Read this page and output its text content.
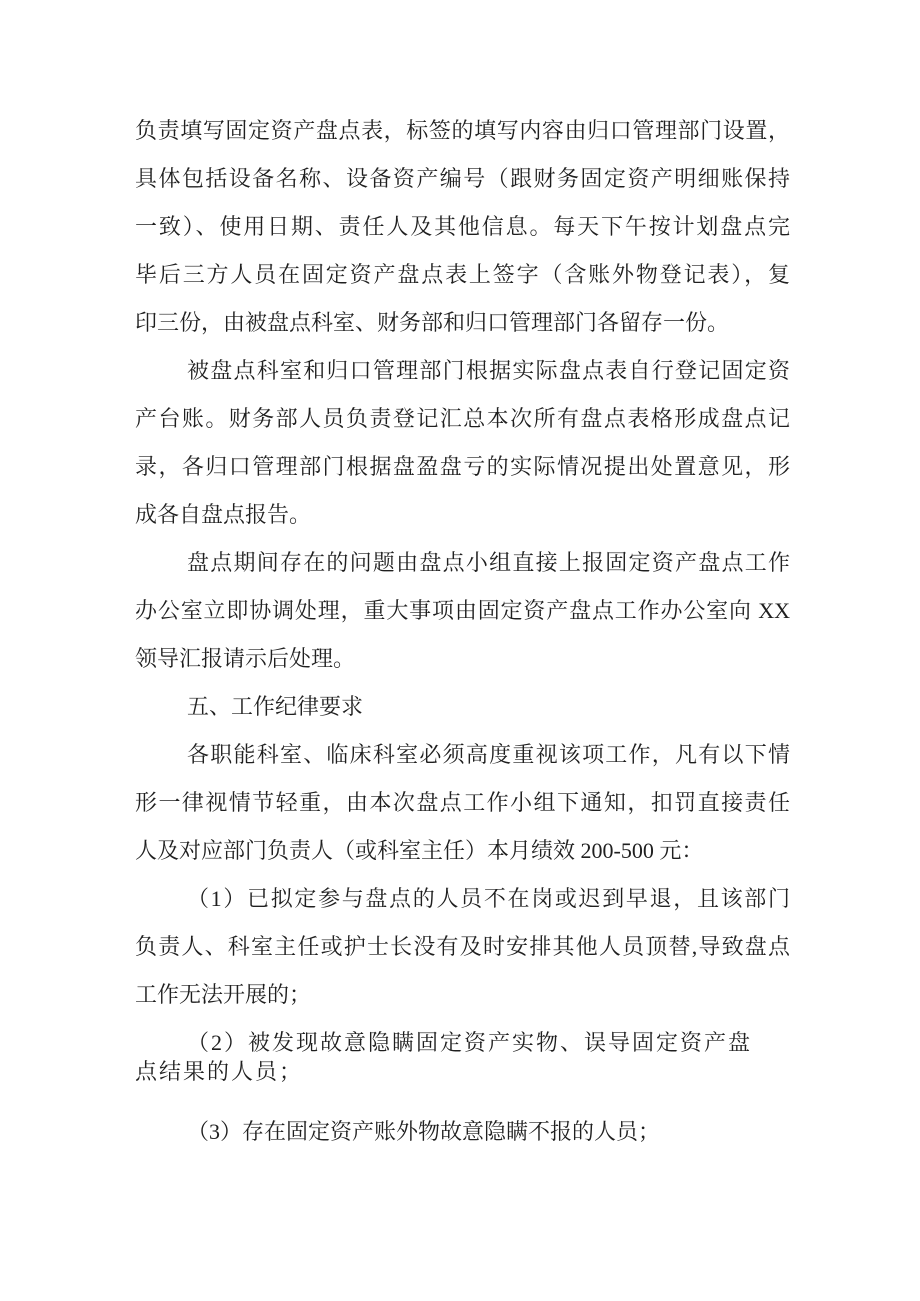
负责填写固定资产盘点表，标签的填写内容由归口管理部门设置，
具体包括设备名称、设备资产编号（跟财务固定资产明细账保持
一致）、使用日期、责任人及其他信息。每天下午按计划盘点完
毕后三方人员在固定资产盘点表上签字（含账外物登记表），复
印三份，由被盘点科室、财务部和归口管理部门各留存一份。
被盘点科室和归口管理部门根据实际盘点表自行登记固定资
产台账。财务部人员负责登记汇总本次所有盘点表格形成盘点记
录，各归口管理部门根据盘盈盘亏的实际情况提出处置意见，形
成各自盘点报告。
盘点期间存在的问题由盘点小组直接上报固定资产盘点工作
办公室立即协调处理，重大事项由固定资产盘点工作办公室向 XX
领导汇报请示后处理。
五、工作纪律要求
各职能科室、临床科室必须高度重视该项工作，凡有以下情
形一律视情节轻重，由本次盘点工作小组下通知，扣罚直接责任
人及对应部门负责人（或科室主任）本月绩效 200-500 元：
（1）已拟定参与盘点的人员不在岗或迟到早退，且该部门
负责人、科室主任或护士长没有及时安排其他人员顶替,导致盘点
工作无法开展的；
（2）被发现故意隐瞒固定资产实物、误导固定资产盘
点结果的人员；
（3）存在固定资产账外物故意隐瞒不报的人员；
